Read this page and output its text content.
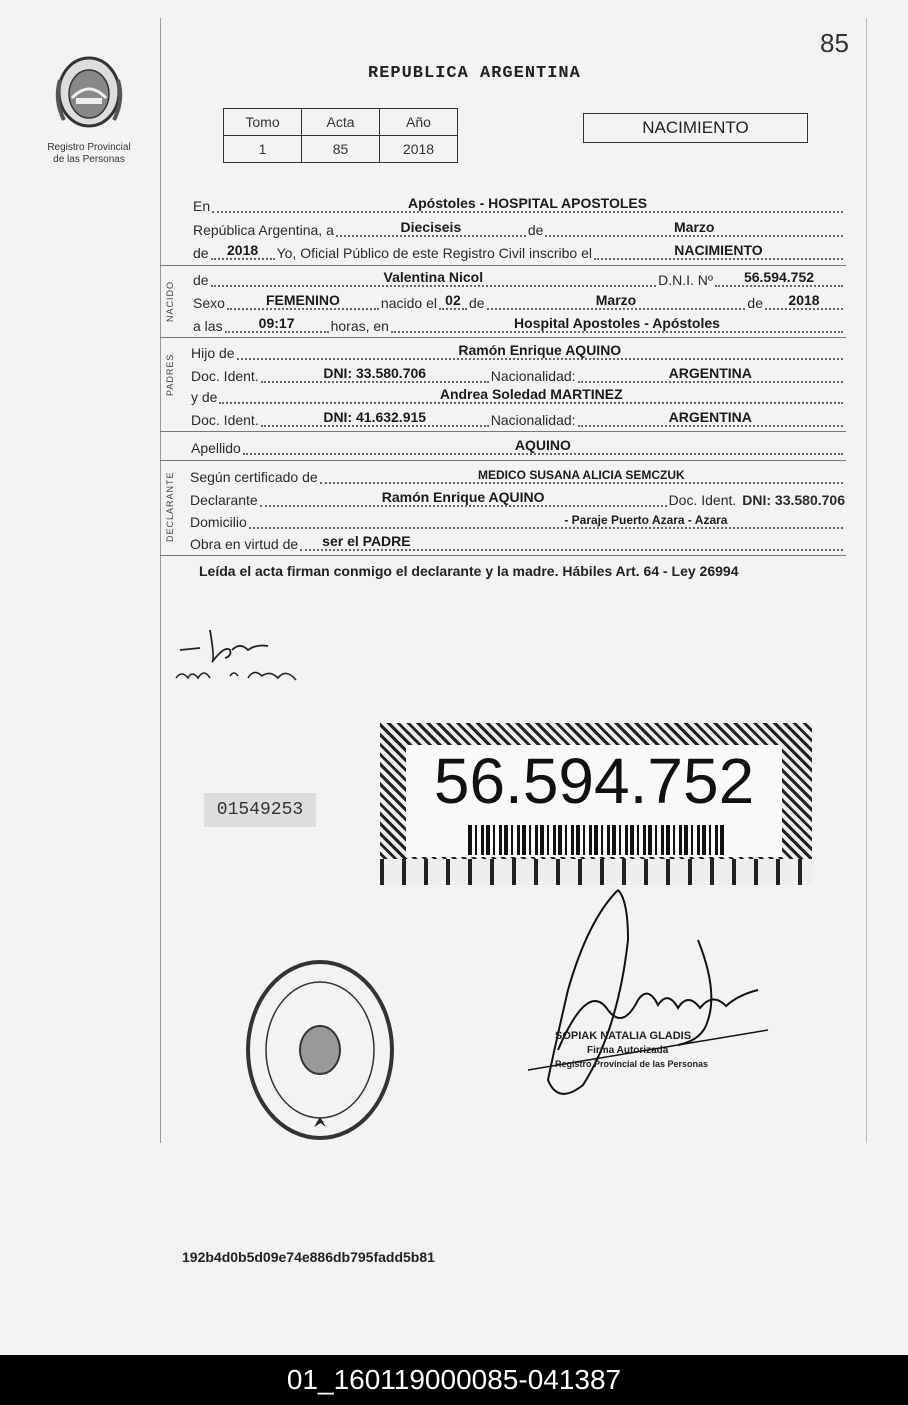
85
Registro Provincial
de las Personas
REPUBLICA ARGENTINA
Tomo	Acta	Año
1	85	2018
NACIMIENTO
En	Apóstoles - HOSPITAL APOSTOLES
República Argentina, a	Dieciseis	de	Marzo
de	2018	Yo, Oficial Público de este Registro Civil inscribo el	NACIMIENTO
NACIDO
de	Valentina Nicol	D.N.I. Nº	56.594.752
Sexo	FEMENINO	nacido el 02 de	Marzo	de	2018
a las	09:17	horas, en	Hospital Apostoles - Apóstoles
PADRES
Hijo de	Ramón Enrique AQUINO
Doc. Ident.	DNI: 33.580.706	Nacionalidad:	ARGENTINA
y de	Andrea Soledad MARTINEZ
Doc. Ident.	DNI: 41.632.915	Nacionalidad:	ARGENTINA
Apellido	AQUINO
DECLARANTE Según certificado de	MEDICO SUSANA ALICIA SEMCZUK
Declarante	Ramón Enrique AQUINO	Doc. Ident. DNI: 33.580.706
Domicilio	- Paraje Puerto Azara - Azara
Obra en virtud de ser el PADRE
Leída el acta firman conmigo el declarante y la madre. Hábiles Art. 64 - Ley 26994
56.594.752
01549253
SOPIAK NATALIA GLADIS
Firma Autorizada
Registro Provincial de las Personas
192b4d0b5d09e74e886db795fadd5b81
01_160119000085-041387
